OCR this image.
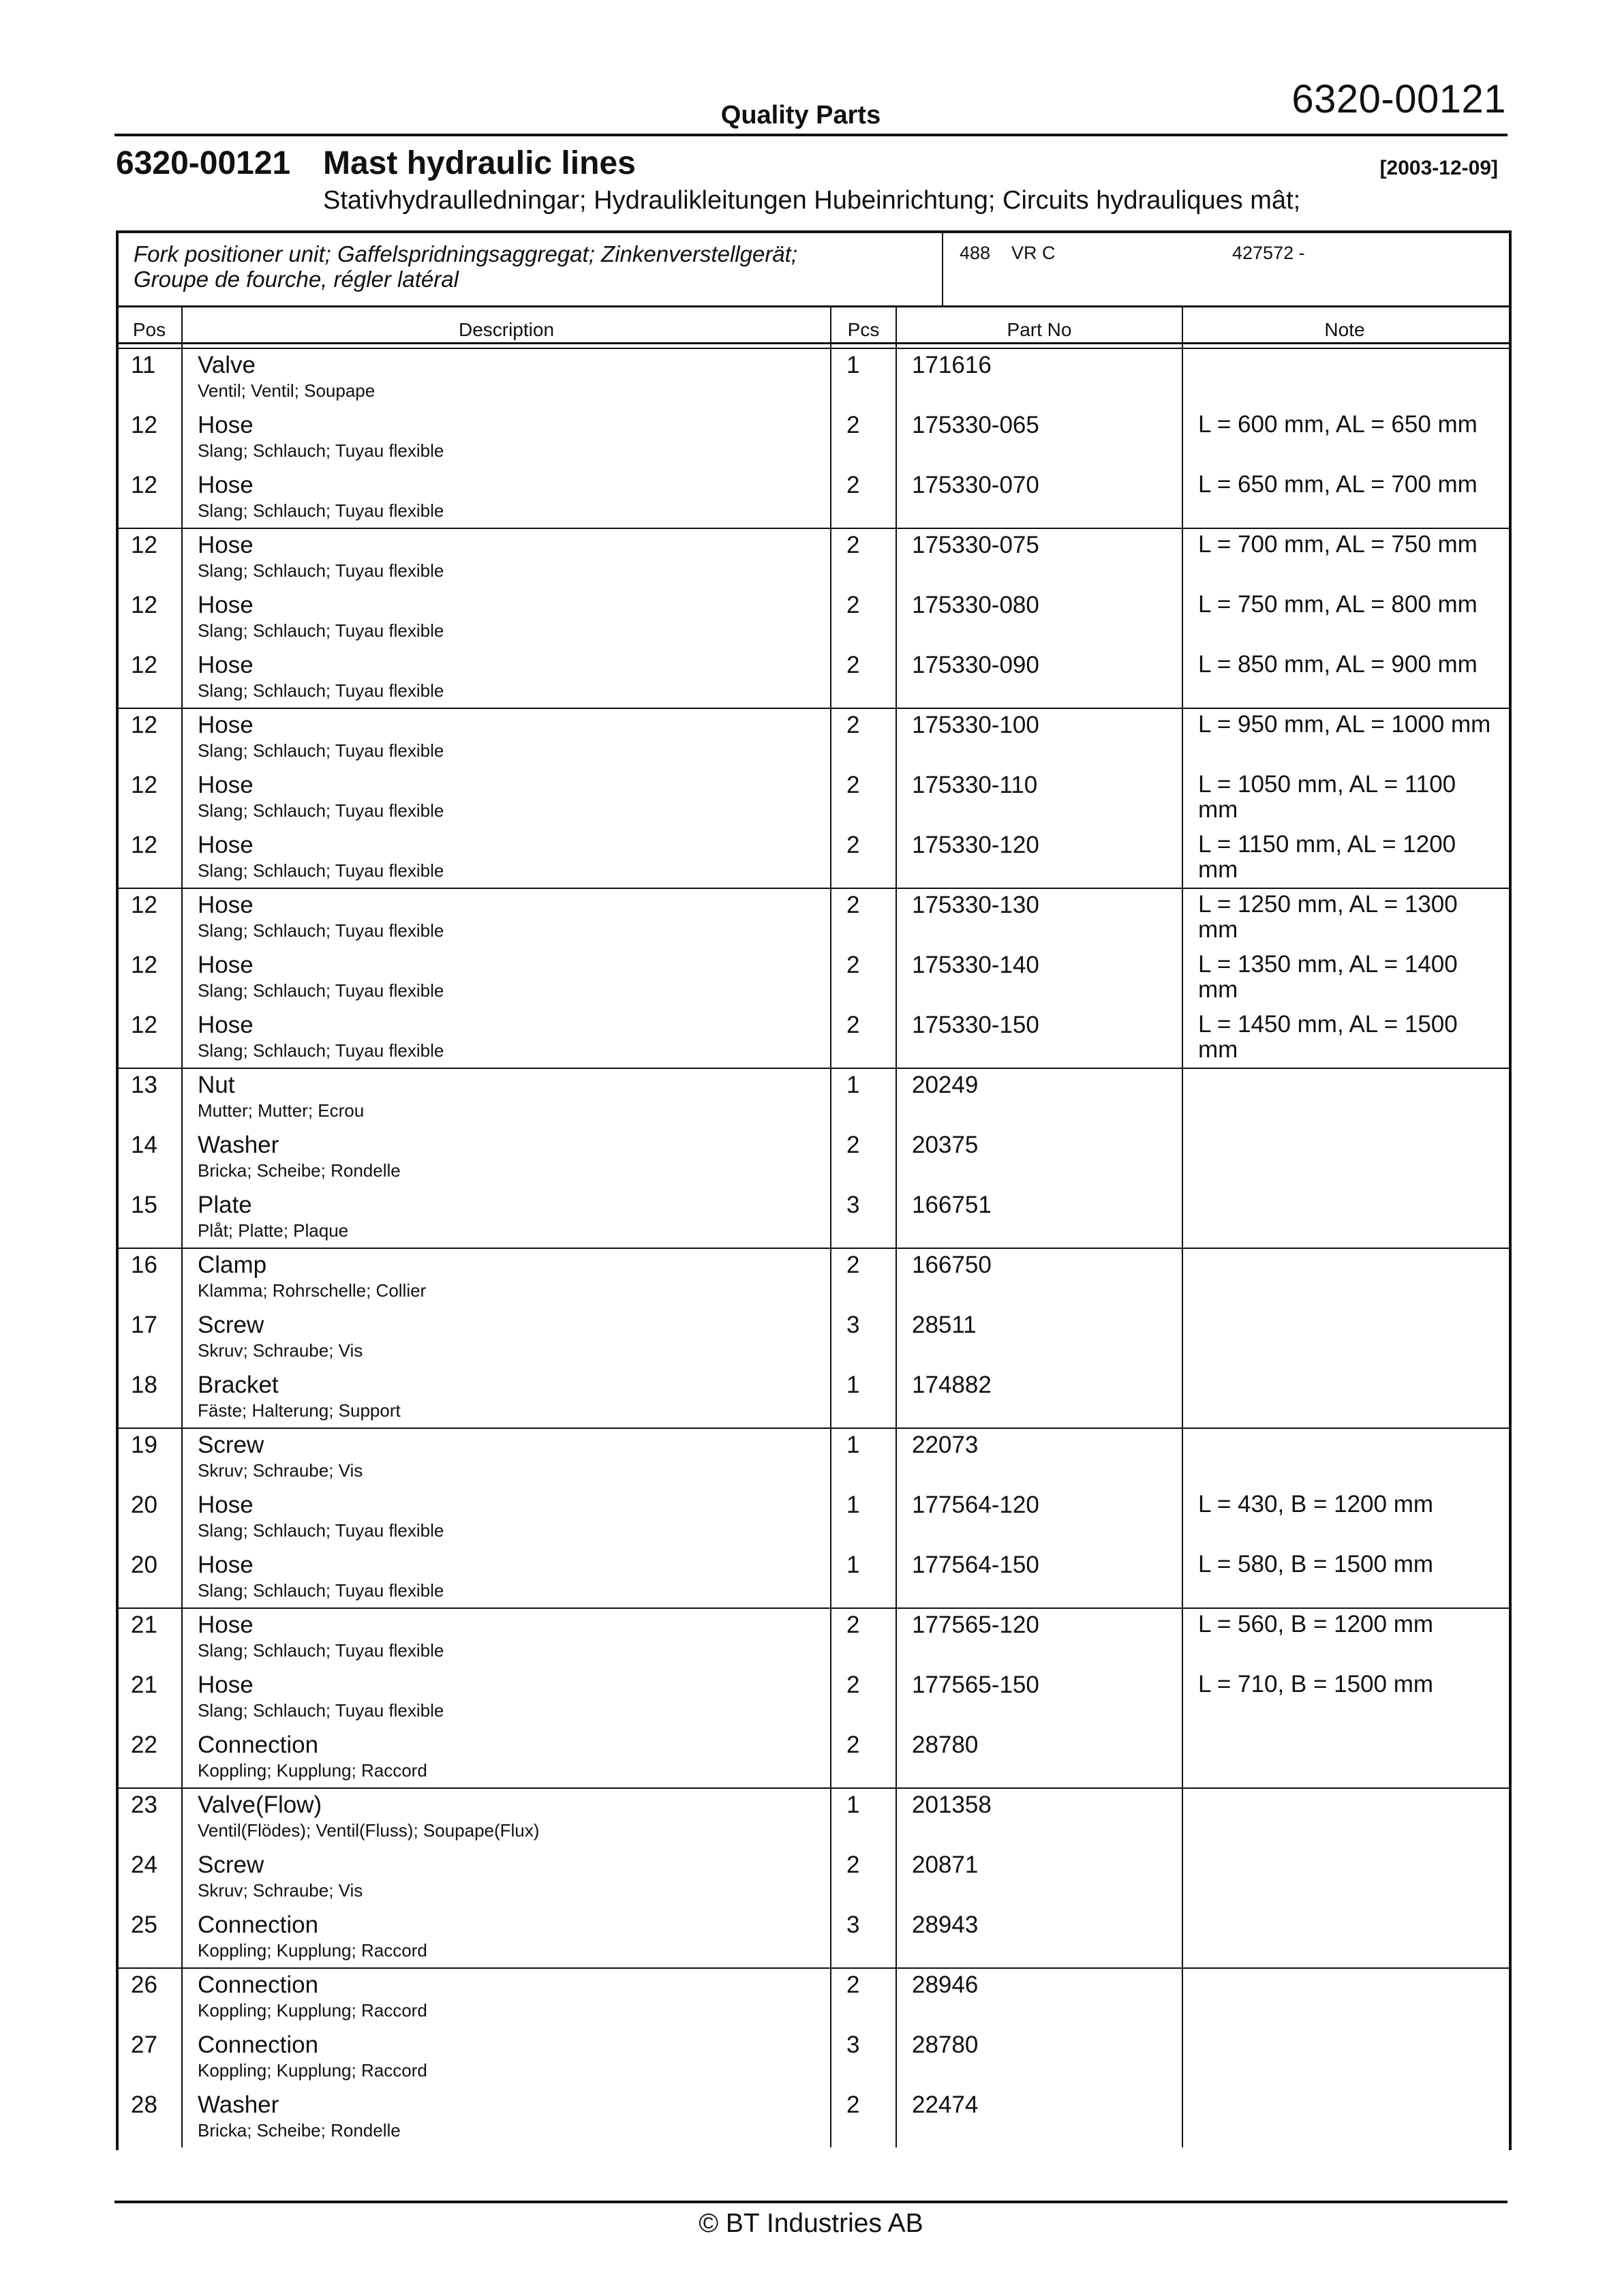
6320-00121
Quality Parts
6320-00121 Mast hydraulic lines	[2003-12-09]
Stativhydraulledningar; Hydraulikleitungen Hubeinrichtung; Circuits hydrauliques mât;
Fork positioner unit; Gaffelspridningsaggregat; Zinkenverstellgerät;
Groupe de fourche, régler latéral
488 VR C	427572 -
Pos	Description	Pcs	Part No	Note
11 Valve
Ventil; Ventil; Soupape
1 171616
12 Hose
Slang; Schlauch; Tuyau flexible
2 175330-065	L = 600 mm, AL = 650 mm
12 Hose
Slang; Schlauch; Tuyau flexible
2 175330-070	L = 650 mm, AL = 700 mm
12 Hose
Slang; Schlauch; Tuyau flexible
2 175330-075	L = 700 mm, AL = 750 mm
12 Hose
Slang; Schlauch; Tuyau flexible
2 175330-080	L = 750 mm, AL = 800 mm
12 Hose
Slang; Schlauch; Tuyau flexible
2 175330-090	L = 850 mm, AL = 900 mm
12 Hose
Slang; Schlauch; Tuyau flexible
2 175330-100	L = 950 mm, AL = 1000 mm
12 Hose
Slang; Schlauch; Tuyau flexible
2 175330-110	L = 1050 mm, AL = 1100 mm
12 Hose
Slang; Schlauch; Tuyau flexible
2 175330-120	L = 1150 mm, AL = 1200 mm
12 Hose
Slang; Schlauch; Tuyau flexible
2 175330-130	L = 1250 mm, AL = 1300 mm
12 Hose
Slang; Schlauch; Tuyau flexible
2 175330-140	L = 1350 mm, AL = 1400 mm
12 Hose
Slang; Schlauch; Tuyau flexible
2 175330-150	L = 1450 mm, AL = 1500 mm
13 Nut
Mutter; Mutter; Ecrou
1 20249
14 Washer
Bricka; Scheibe; Rondelle
2 20375
15 Plate
Plåt; Platte; Plaque
3 166751
16 Clamp
Klamma; Rohrschelle; Collier
2 166750
17 Screw
Skruv; Schraube; Vis
3 28511
18 Bracket
Fäste; Halterung; Support
1 174882
19 Screw
Skruv; Schraube; Vis
1 22073
20 Hose
Slang; Schlauch; Tuyau flexible
1 177564-120	L = 430, B = 1200 mm
20 Hose
Slang; Schlauch; Tuyau flexible
1 177564-150	L = 580, B = 1500 mm
21 Hose
Slang; Schlauch; Tuyau flexible
2 177565-120	L = 560, B = 1200 mm
21 Hose
Slang; Schlauch; Tuyau flexible
2 177565-150	L = 710, B = 1500 mm
22 Connection
Koppling; Kupplung; Raccord
2 28780
23 Valve(Flow)
Ventil(Flödes); Ventil(Fluss); Soupape(Flux)
1 201358
24 Screw
Skruv; Schraube; Vis
2 20871
25 Connection
Koppling; Kupplung; Raccord
3 28943
26 Connection
Koppling; Kupplung; Raccord
2 28946
27 Connection
Koppling; Kupplung; Raccord
3 28780
28 Washer
Bricka; Scheibe; Rondelle
2 22474
© BT Industries AB
